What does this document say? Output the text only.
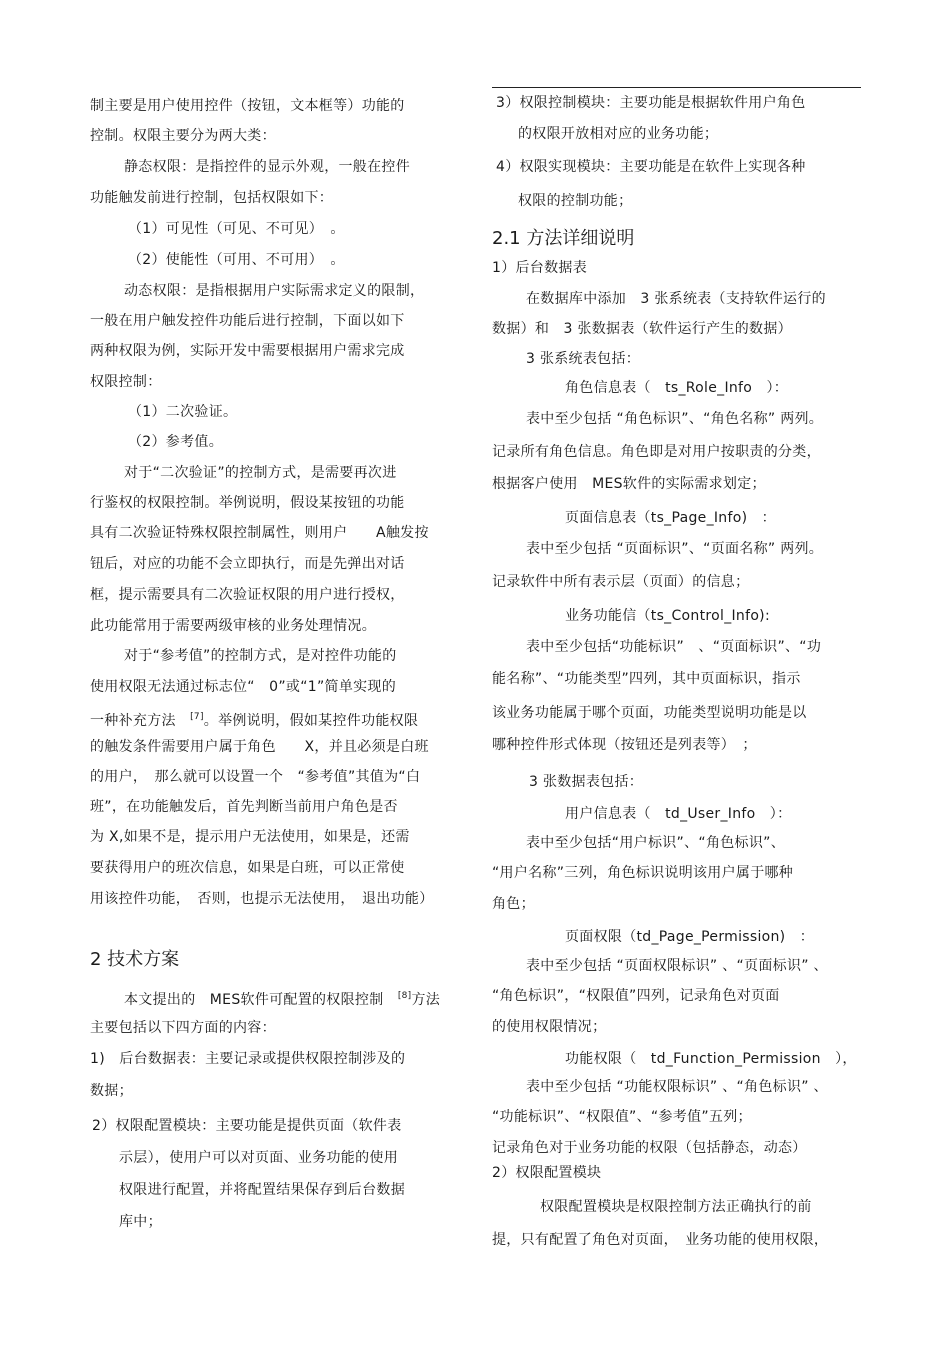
制主要是用户使用控件（按钮，文本框等）功能的
控制。权限主要分为两大类：
静态权限：是指控件的显示外观，一般在控件
功能触发前进行控制，包括权限如下：
（1）可见性（可见、不可见）　。
（2）使能性（可用、不可用）　。
动态权限：是指根据用户实际需求定义的限制，
一般在用户触发控件功能后进行控制，下面以如下
两种权限为例，实际开发中需要根据用户需求完成
权限控制：
（1）二次验证。
（2）参考值。
对于“二次验证”的控制方式，是需要再次进
行鉴权的权限控制。举例说明，假设某按钮的功能
具有二次验证特殊权限控制属性，则用户　　A触发按
钮后，对应的功能不会立即执行，而是先弹出对话
框，提示需要具有二次验证权限的用户进行授权，
此功能常用于需要两级审核的业务处理情况。
对于“参考值”的控制方式，是对控件功能的
使用权限无法通过标志位“　0”或“1”简单实现的
一种补充方法　[7]。举例说明，假如某控件功能权限
的触发条件需要用户属于角色　　X，并且必须是白班
的用户，　那么就可以设置一个　“参考值”其值为“白
班”，在功能触发后，首先判断当前用户角色是否
为 X,如果不是，提示用户无法使用，如果是，还需
要获得用户的班次信息，如果是白班，可以正常使
用该控件功能，　否则，也提示无法使用，　退出功能）
2 技术方案
本文提出的　MES软件可配置的权限控制　[8]方法
主要包括以下四方面的内容：
1)　后台数据表：主要记录或提供权限控制涉及的
数据；
2）权限配置模块：主要功能是提供页面（软件表
示层），使用户可以对页面、业务功能的使用
权限进行配置，并将配置结果保存到后台数据
库中；
3）权限控制模块：主要功能是根据软件用户角色
的权限开放相对应的业务功能；
4）权限实现模块：主要功能是在软件上实现各种
权限的控制功能；
2.1 方法详细说明
1）后台数据表
在数据库中添加　3 张系统表（支持软件运行的
数据）和　3 张数据表（软件运行产生的数据）
3 张系统表包括：
角色信息表（　ts_Role_Info　）：
表中至少包括 “角色标识”、“角色名称” 两列。
记录所有角色信息。角色即是对用户按职责的分类，
根据客户使用　MES软件的实际需求划定；
页面信息表（ts_Page_Info)　：
表中至少包括 “页面标识”、“页面名称” 两列。
记录软件中所有表示层（页面）的信息；
业务功能信（ts_Control_Info):
表中至少包括“功能标识”　、“页面标识”、“功
能名称”、“功能类型”四列，其中页面标识，指示
该业务功能属于哪个页面，功能类型说明功能是以
哪种控件形式体现（按钮还是列表等）　；
3 张数据表包括：
用户信息表（　td_User_Info　）：
表中至少包括“用户标识”、“角色标识”、
“用户名称”三列，角色标识说明该用户属于哪种
角色；
页面权限（td_Page_Permission)　：
表中至少包括 “页面权限标识” 、“页面标识” 、
“角色标识”，“权限值”四列，记录角色对页面
的使用权限情况；
功能权限（　td_Function_Permission　），
表中至少包括 “功能权限标识” 、“角色标识” 、
“功能标识”、“权限值”、“参考值”五列；
记录角色对于业务功能的权限（包括静态，动态）
2）权限配置模块
权限配置模块是权限控制方法正确执行的前
提，只有配置了角色对页面，　业务功能的使用权限，
